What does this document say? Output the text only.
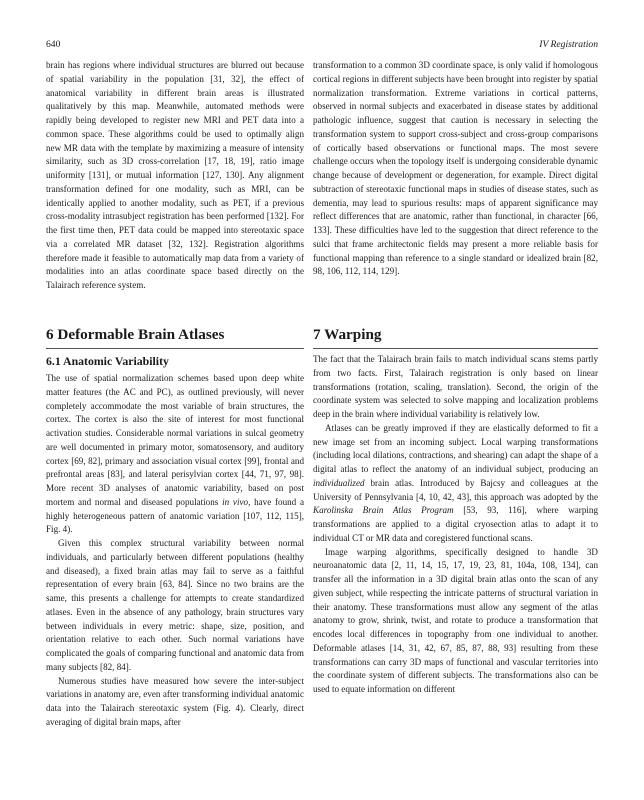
640	IV Registration

brain has regions where individual structures are blurred out because of spatial variability in the population [31, 32], the effect of anatomical variability in different brain areas is illustrated qualitatively by this map. Meanwhile, automated methods were rapidly being developed to register new MRI and PET data into a common space. These algorithms could be used to optimally align new MR data with the template by maximizing a measure of intensity similarity, such as 3D cross-correlation [17, 18, 19], ratio image uniformity [131], or mutual information [127, 130]. Any alignment transformation defined for one modality, such as MRI, can be identically applied to another modality, such as PET, if a previous cross-modality intrasubject registration has been performed [132]. For the first time then, PET data could be mapped into stereotaxic space via a correlated MR dataset [32, 132]. Registration algorithms therefore made it feasible to automatically map data from a variety of modalities into an atlas coordinate space based directly on the Talairach reference system.

transformation to a common 3D coordinate space, is only valid if homologous cortical regions in different subjects have been brought into register by spatial normalization transformation. Extreme variations in cortical patterns, observed in normal subjects and exacerbated in disease states by additional pathologic influence, suggest that caution is necessary in selecting the transformation system to support cross-subject and cross-group comparisons of cortically based observations or functional maps. The most severe challenge occurs when the topology itself is undergoing considerable dynamic change because of development or degeneration, for example. Direct digital subtraction of stereotaxic functional maps in studies of disease states, such as dementia, may lead to spurious results: maps of apparent significance may reflect differences that are anatomic, rather than functional, in character [66, 133]. These difficulties have led to the suggestion that direct reference to the sulci that frame architectonic fields may present a more reliable basis for functional mapping than reference to a single standard or idealized brain [82, 98, 106, 112, 114, 129].

6 Deformable Brain Atlases
6.1 Anatomic Variability

The use of spatial normalization schemes based upon deep white matter features (the AC and PC), as outlined previously, will never completely accommodate the most variable of brain structures, the cortex. The cortex is also the site of interest for most functional activation studies. Considerable normal variations in sulcal geometry are well documented in primary motor, somatosensory, and auditory cortex [69, 82], primary and association visual cortex [99], frontal and prefrontal areas [83], and lateral perisylvian cortex [44, 71, 97, 98]. More recent 3D analyses of anatomic variability, based on post mortem and normal and diseased populations in vivo, have found a highly heterogeneous pattern of anatomic variation [107, 112, 115], Fig. 4).

Given this complex structural variability between normal individuals, and particularly between different populations (healthy and diseased), a fixed brain atlas may fail to serve as a faithful representation of every brain [63, 84]. Since no two brains are the same, this presents a challenge for attempts to create standardized atlases. Even in the absence of any pathology, brain structures vary between individuals in every metric: shape, size, position, and orientation relative to each other. Such normal variations have complicated the goals of comparing functional and anatomic data from many subjects [82, 84].

Numerous studies have measured how severe the inter-subject variations in anatomy are, even after transforming individual anatomic data into the Talairach stereotaxic system (Fig. 4). Clearly, direct averaging of digital brain maps, after

7 Warping

The fact that the Talairach brain fails to match individual scans stems partly from two facts. First, Talairach registration is only based on linear transformations (rotation, scaling, translation). Second, the origin of the coordinate system was selected to solve mapping and localization problems deep in the brain where individual variability is relatively low.

Atlases can be greatly improved if they are elastically deformed to fit a new image set from an incoming subject. Local warping transformations (including local dilations, contractions, and shearing) can adapt the shape of a digital atlas to reflect the anatomy of an individual subject, producing an individualized brain atlas. Introduced by Bajcsy and colleagues at the University of Pennsylvania [4, 10, 42, 43], this approach was adopted by the Karolinska Brain Atlas Program [53, 93, 116], where warping transformations are applied to a digital cryosection atlas to adapt it to individual CT or MR data and coregistered functional scans.

Image warping algorithms, specifically designed to handle 3D neuroanatomic data [2, 11, 14, 15, 17, 19, 23, 81, 104a, 108, 134], can transfer all the information in a 3D digital brain atlas onto the scan of any given subject, while respecting the intricate patterns of structural variation in their anatomy. These transformations must allow any segment of the atlas anatomy to grow, shrink, twist, and rotate to produce a transformation that encodes local differences in topography from one individual to another. Deformable atlases [14, 31, 42, 67, 85, 87, 88, 93] resulting from these transformations can carry 3D maps of functional and vascular territories into the coordinate system of different subjects. The transformations also can be used to equate information on different
